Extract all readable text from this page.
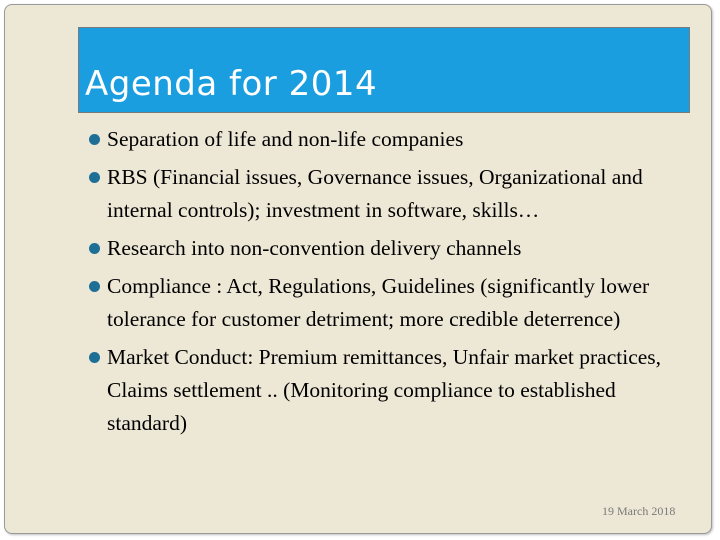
Agenda for 2014
Separation of life and non-life companies
RBS (Financial issues, Governance issues, Organizational and internal controls); investment in software, skills…
Research into non-convention delivery channels
Compliance : Act, Regulations, Guidelines (significantly lower tolerance for customer detriment; more credible deterrence)
Market Conduct: Premium remittances, Unfair market practices, Claims settlement .. (Monitoring compliance to established standard)
19 March 2018
